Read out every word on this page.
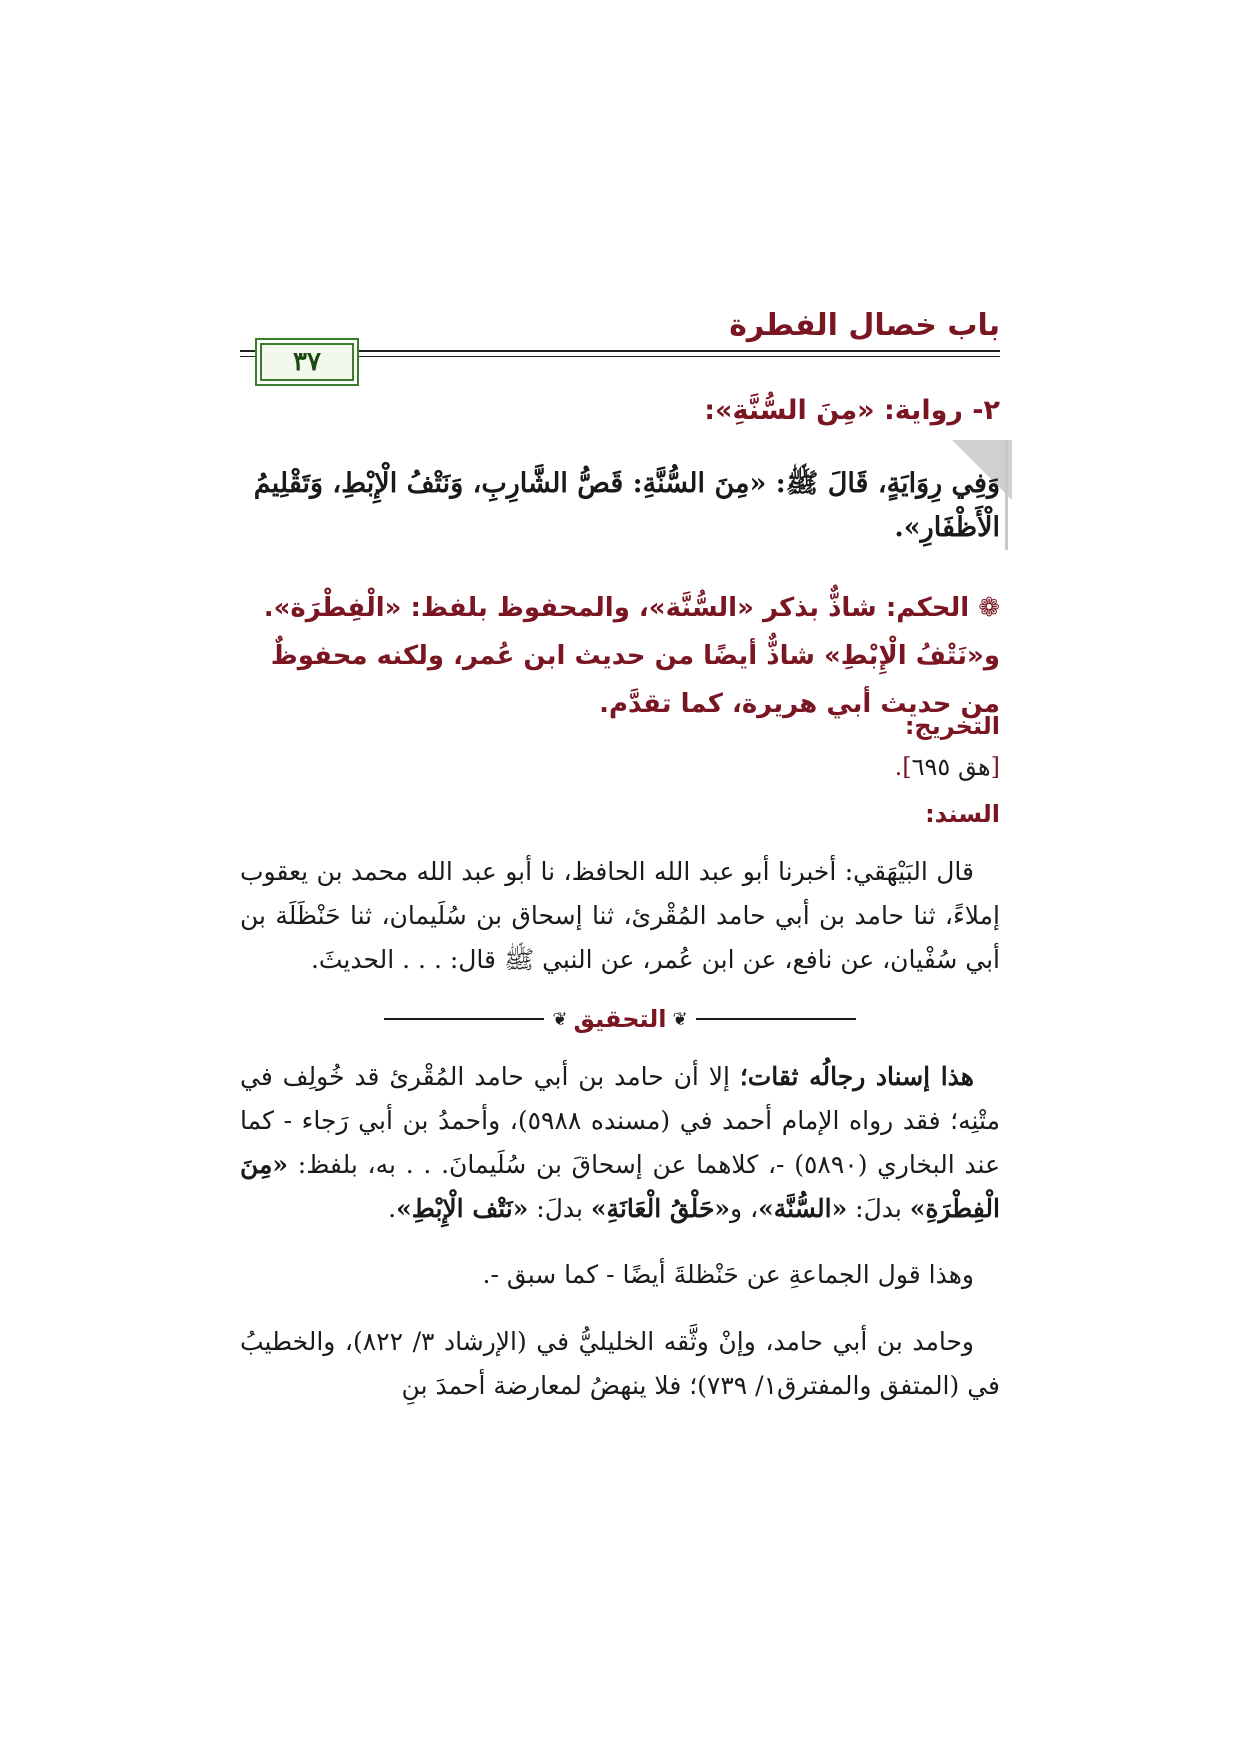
باب خصال الفطرة
٣٧
٢- رواية: «مِنَ السُّنَّةِ»:
وَفِي رِوَايَةٍ، قَالَ ﷺ: «مِنَ السُّنَّةِ: قَصُّ الشَّارِبِ، وَنَتْفُ الْإِبْطِ، وَتَقْلِيمُ الْأَظْفَارِ».
❁ الحكم: شاذٌّ بذكر «السُّنَّة»، والمحفوظ بلفظ: «الْفِطْرَة». و«نَتْفُ الْإِبْطِ» شاذٌّ أيضًا من حديث ابن عُمر، ولكنه محفوظٌ من حديث أبي هريرة، كما تقدَّم.
التخريج:
[هق ٦٩٥].
السند:
قال البَيْهَقي: أخبرنا أبو عبد الله الحافظ، نا أبو عبد الله محمد بن يعقوب إملاءً، ثنا حامد بن أبي حامد المُقْرئ، ثنا إسحاق بن سُلَيمان، ثنا حَنْظَلَة بن أبي سُفْيان، عن نافع، عن ابن عُمر، عن النبي ﷺ قال: . . . الحديثَ.
❦
التحقيق
❦
هذا إسناد رجالُه ثقات؛ إلا أن حامد بن أبي حامد المُقْرئ قد خُولِف في متْنِه؛ فقد رواه الإمام أحمد في (مسنده ٥٩٨٨)، وأحمدُ بن أبي رَجاء - كما عند البخاري (٥٨٩٠) -، كلاهما عن إسحاقَ بن سُلَيمانَ. . . به، بلفظ: «مِنَ الْفِطْرَةِ» بدلَ: «السُّنَّة»، و«حَلْقُ الْعَانَةِ» بدلَ: «نَتْف الْإِبْطِ».
وهذا قول الجماعةِ عن حَنْظلةَ أيضًا - كما سبق -.
وحامد بن أبي حامد، وإنْ وثَّقه الخليليُّ في (الإرشاد ٣/ ٨٢٢)، والخطيبُ في (المتفق والمفترق١/ ٧٣٩)؛ فلا ينهضُ لمعارضة أحمدَ بنِ
